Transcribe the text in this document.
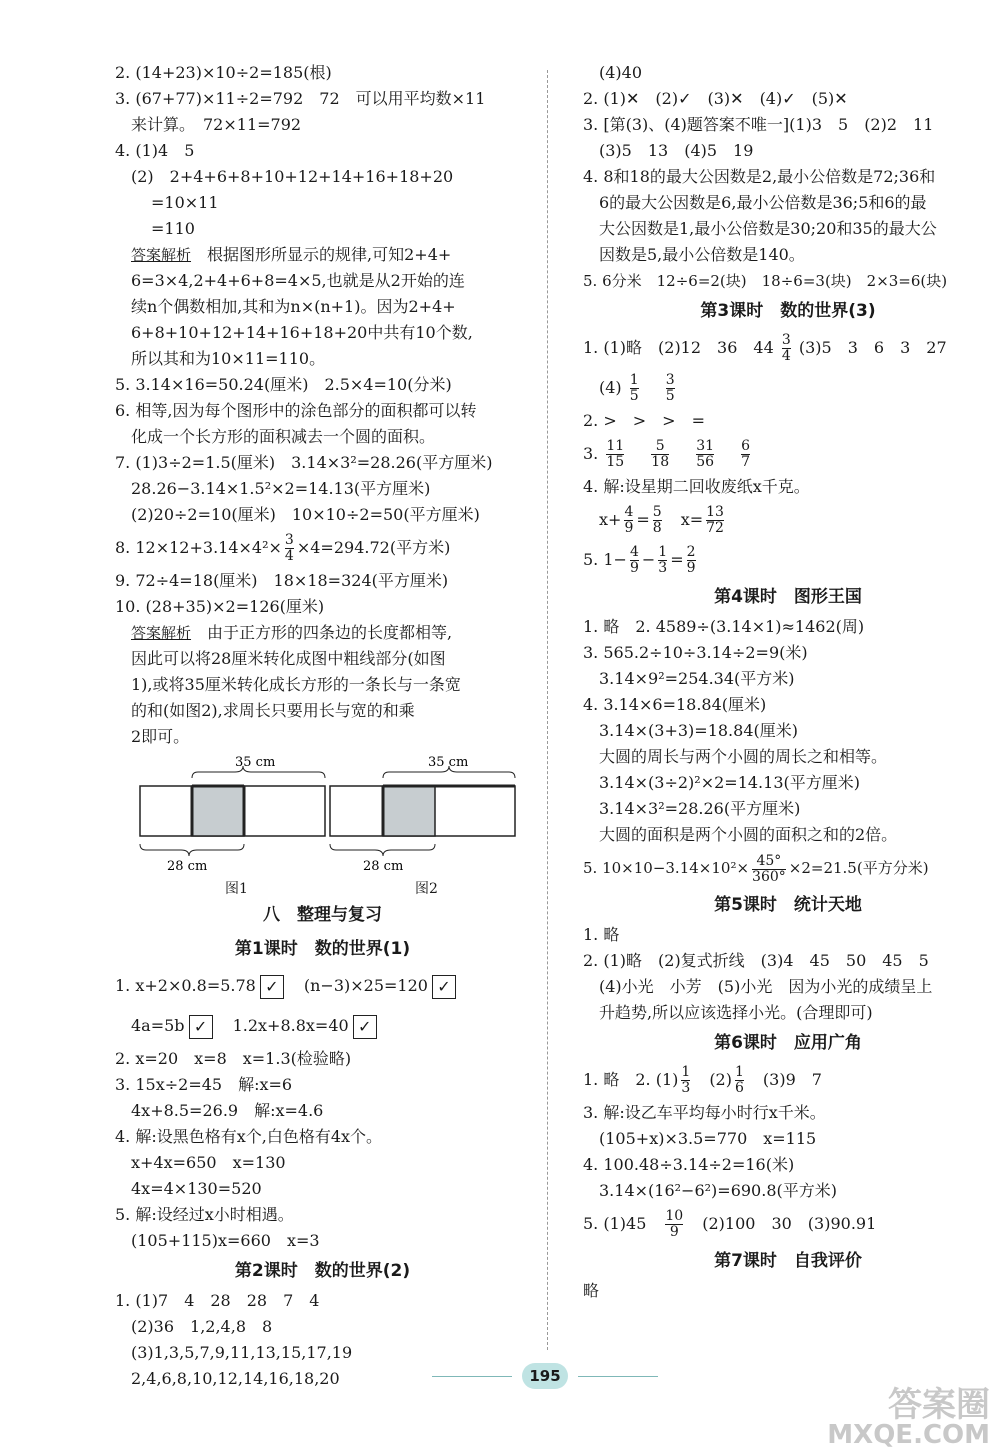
2. (14+23)×10÷2=185(根)
3. (67+77)×11÷2=792　72　可以用平均数×11
来计算。　72×11=792
4. (1)4　5
(2)　2+4+6+8+10+12+14+16+18+20
=10×11
=110
答案解析　 根据图形所显示的规律,可知2+4+
6=3×4,2+4+6+8=4×5,也就是从2开始的连
续n个偶数相加,其和为n×(n+1)。因为2+4+
6+8+10+12+14+16+18+20中共有10个数,
所以其和为10×11=110。
5. 3.14×16=50.24(厘米)　2.5×4=10(分米)
6. 相等,因为每个图形中的涂色部分的面积都可以转
化成一个长方形的面积减去一个圆的面积。
7. (1)3÷2=1.5(厘米)　3.14×3²=28.26(平方厘米)
28.26−3.14×1.5²×2=14.13(平方厘米)
(2)20÷2=10(厘米)　10×10÷2=50(平方厘米)
8. $12\times 12+3.14\times 4^2\times \frac{3}{4} \times 4=294.72$(平方米)
9. 72÷4=18(厘米)　18×18=324(平方厘米)
10. (28+35)×2=126(厘米)
答案解析　 由于正方形的四条边的长度都相等,
因此可以将28厘米转化成图中粗线部分(如图
1),或将35厘米转化成长方形的一条长与一条宽
的和(如图2),求周长只要用长与宽的和乘
2即可。
35 cm	35 cm
28 cm	28 cm
图1	图2
八　整理与复习
第1课时　数的世界(1)
1. x+2×0.8=5.78 ✓　 (n−3)×25=120 ✓
4a=5b ✓　 1.2x+8.8x=40 ✓
2. x=20　x=8　x=1.3(检验略)
3. 15x÷2=45　解:x=6
4x+8.5=26.9　解:x=4.6
4. 解:设黑色格有x个,白色格有4x个。
x+4x=650　x=130
4x=4×130=520
5. 解:设经过x小时相遇。
(105+115)x=660　x=3
第2课时　数的世界(2)
1. (1)7　4　28　28　7　4
(2)36　1,2,4,8　8
(3)1,3,5,7,9,11,13,15,17,19
2,4,6,8,10,12,14,16,18,20
(4)40
2. (1)✕　(2)✓　(3)✕　(4)✓　(5)✕
3. [第(3)、(4)题答案不唯一](1)3　5　(2)2　11
(3)5　13　(4)5　19
4. 8和18的最大公因数是2,最小公倍数是72;36和
6的最大公因数是6,最小公倍数是36;5和6的最
大公因数是1,最小公倍数是30;20和35的最大公
因数是5,最小公倍数是140。
5. 6分米　12÷6=2(块)　18÷6=3(块)　2×3=6(块)
第3课时　数的世界(3)
1. (1)略　(2)12　36　$44 \frac{3}{4} (3)5$　3　6　3　27
$(4) \frac{1}{5}$
　 $\frac{3}{5}$
2. >　>　>　=
3. $\frac{11}{15}$
　 $\frac{5}{18}$
　 $\frac{31}{56}$
　 $\frac{6}{7}$
4. 解:设星期二回收废纸x千克。
$x+ \frac{4}{9} = \frac{5}{8}$
　 $x= \frac{13}{72}$
5. $1- \frac{4}{9} - \frac{1}{3} = \frac{2}{9}$
第4课时　图形王国
1. 略　2. 4589÷(3.14×1)≈1462(周)
3. 565.2÷10÷3.14÷2=9(米)
3.14×9²=254.34(平方米)
4. 3.14×6=18.84(厘米)
3.14×(3+3)=18.84(厘米)
大圆的周长与两个小圆的周长之和相等。
3.14×(3÷2)²×2=14.13(平方厘米)
3.14×3²=28.26(平方厘米)
大圆的面积是两个小圆的面积之和的2倍。
5. $10\times 10-3.14\times 10^2\times \frac{45^\circ}{360^\circ} \times 2=21.5$(平方分米)
第5课时　统计天地
1. 略
2. (1)略　(2)复式折线　(3)4　45　50　45　5
(4)小光　小芳　(5)小光　因为小光的成绩呈上
升趋势,所以应该选择小光。(合理即可)
第6课时　应用广角
1. 略　2. $(1) \frac{1}{3}$
　 $(2) \frac{1}{6}$
　 (3)9　7
3. 解:设乙车平均每小时行x千米。
(105+x)×3.5=770　x=115
4. 100.48÷3.14÷2=16(米)
3.14×(16²−6²)=690.8(平方米)
5. (1)45　 $\frac{10}{9}$
　 (2)100　30　(3)90.91
第7课时　自我评价
略
195
答案圈
MXQE.COM
